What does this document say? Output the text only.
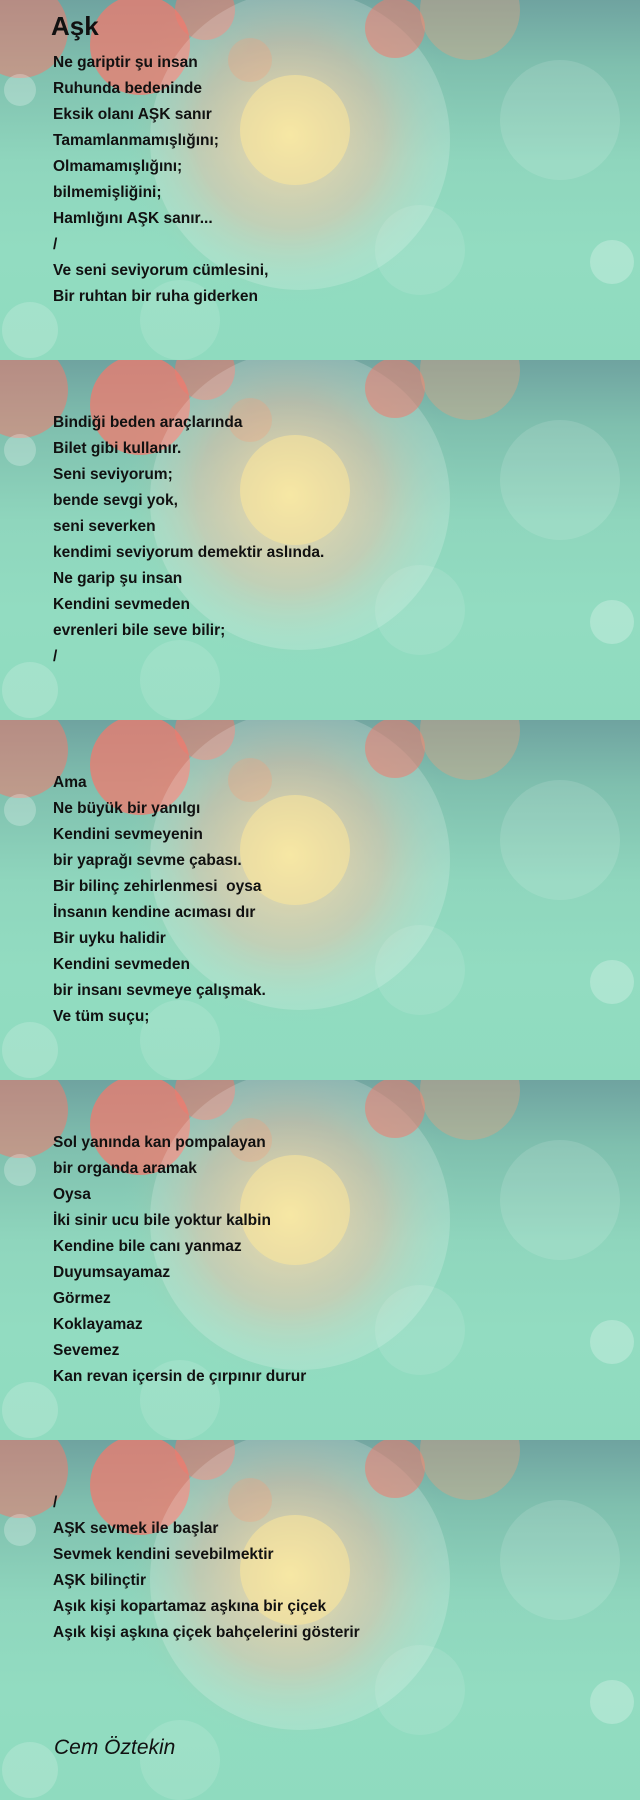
Aşk
Ne gariptir şu insan
Ruhunda bedeninde
Eksik olanı AŞK sanır
Tamamlanmamışlığını;
Olmamamışlığını;
bilmemişliğini;
Hamlığını AŞK sanır...
/
Ve seni seviyorum cümlesini,
Bir ruhtan bir ruha giderken
Bindiği beden araçlarında
Bilet gibi kullanır.
Seni seviyorum;
bende sevgi yok,
seni severken
kendimi seviyorum demektir aslında.
Ne garip şu insan
Kendini sevmeden
evrenleri bile seve bilir;
/
Ama
Ne büyük bir yanılgı
Kendini sevmeyenin
bir yaprağı sevme çabası.
Bir bilinç zehirlenmesi  oysa
İnsanın kendine acıması dır
Bir uyku halidir
Kendini sevmeden
bir insanı sevmeye çalışmak.
Ve tüm suçu;
Sol yanında kan pompalayan
bir organda aramak
Oysa
İki sinir ucu bile yoktur kalbin
Kendine bile canı yanmaz
Duyumsayamaz
Görmez
Koklayamaz
Sevemez
Kan revan içersin de çırpınır durur
/
AŞK sevmek ile başlar
Sevmek kendini sevebilmektir
AŞK bilinçtir
Aşık kişi kopartamaz aşkına bir çiçek
Aşık kişi aşkına çiçek bahçelerini gösterir
Cem Öztekin
